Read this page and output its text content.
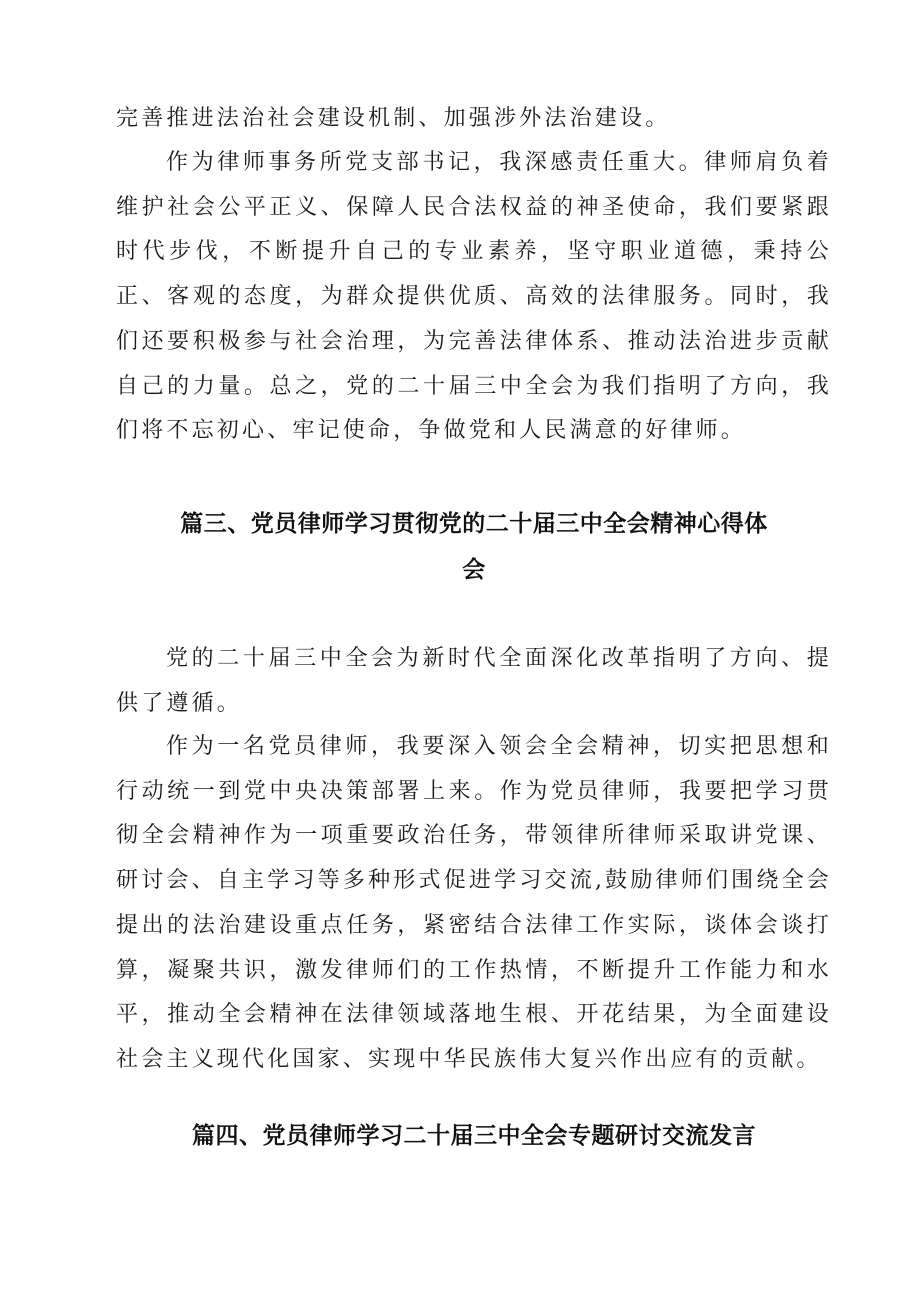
完善推进法治社会建设机制、加强涉外法治建设。

作为律师事务所党支部书记，我深感责任重大。律师肩负着维护社会公平正义、保障人民合法权益的神圣使命，我们要紧跟时代步伐，不断提升自己的专业素养，坚守职业道德，秉持公正、客观的态度，为群众提供优质、高效的法律服务。同时，我们还要积极参与社会治理，为完善法律体系、推动法治进步贡献自己的力量。总之，党的二十届三中全会为我们指明了方向，我们将不忘初心、牢记使命，争做党和人民满意的好律师。

篇三、党员律师学习贯彻党的二十届三中全会精神心得体
会

党的二十届三中全会为新时代全面深化改革指明了方向、提供了遵循。

作为一名党员律师，我要深入领会全会精神，切实把思想和行动统一到党中央决策部署上来。作为党员律师，我要把学习贯彻全会精神作为一项重要政治任务，带领律所律师采取讲党课、研讨会、自主学习等多种形式促进学习交流,鼓励律师们围绕全会提出的法治建设重点任务，紧密结合法律工作实际，谈体会谈打算，凝聚共识，激发律师们的工作热情，不断提升工作能力和水平，推动全会精神在法律领域落地生根、开花结果，为全面建设社会主义现代化国家、实现中华民族伟大复兴作出应有的贡献。

篇四、党员律师学习二十届三中全会专题研讨交流发言
